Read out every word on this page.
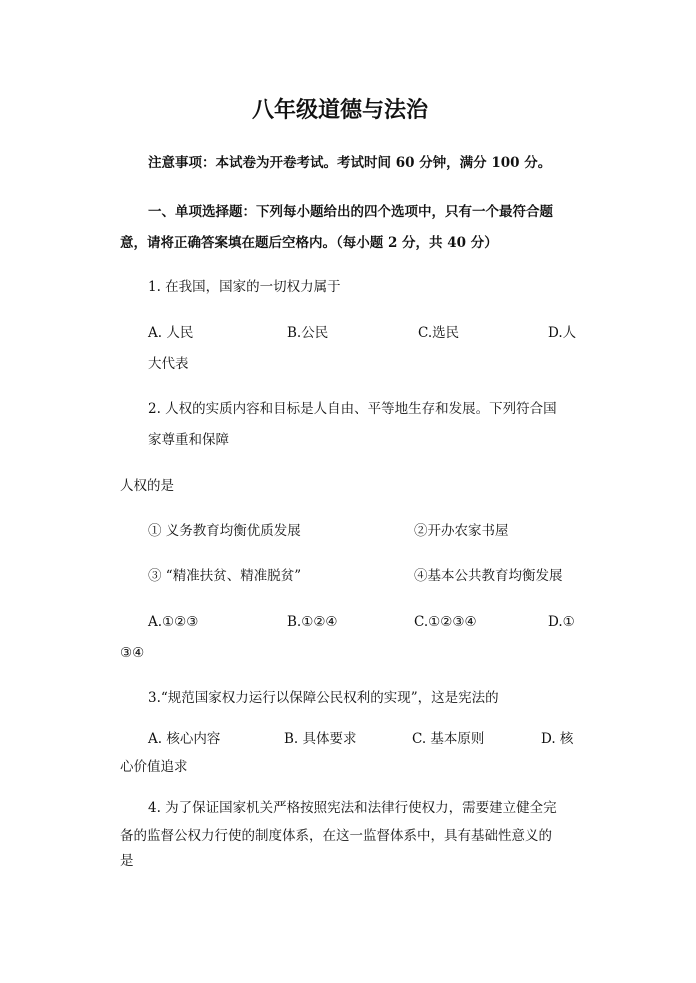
八年级道德与法治
注意事项：本试卷为开卷考试。考试时间 60 分钟，满分 100 分。
一、单项选择题：下列每小题给出的四个选项中，只有一个最符合题
意，请将正确答案填在题后空格内。（每小题 2 分，共 40 分）
1. 在我国，国家的一切权力属于
A. 人民	B.公民	C.选民	D.人
大代表
2. 人权的实质内容和目标是人自由、平等地生存和发展。下列符合国
家尊重和保障
人权的是
① 义务教育均衡优质发展	②开办农家书屋
③ “精准扶贫、精准脱贫”	④基本公共教育均衡发展
A.①②③	B.①②④	C.①②③④	D.①
③④
3.“规范国家权力运行以保障公民权利的实现”，这是宪法的
A. 核心内容	B. 具体要求	C. 基本原则	D. 核
心价值追求
4. 为了保证国家机关严格按照宪法和法律行使权力，需要建立健全完
备的监督公权力行使的制度体系，在这一监督体系中，具有基础性意义的
是
